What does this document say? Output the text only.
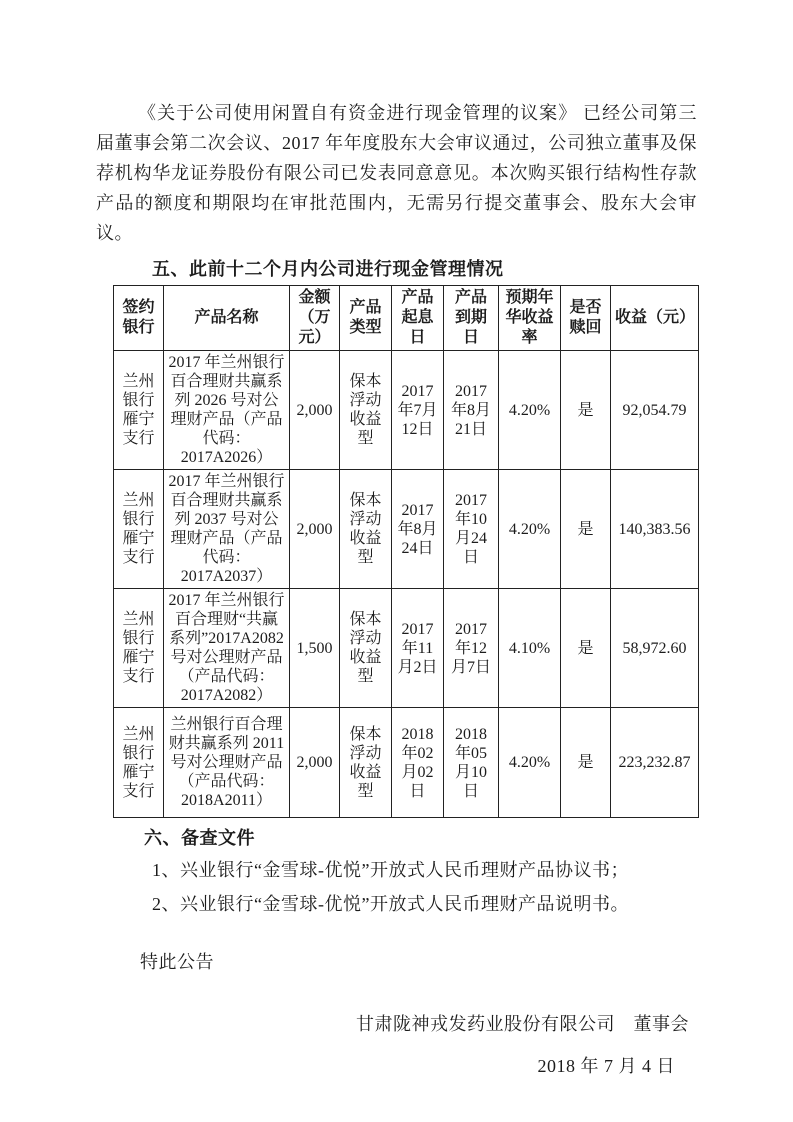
《关于公司使用闲置自有资金进行现金管理的议案》 已经公司第三届董事会第二次会议、2017 年年度股东大会审议通过，公司独立董事及保荐机构华龙证券股份有限公司已发表同意意见。本次购买银行结构性存款产品的额度和期限均在审批范围内，无需另行提交董事会、股东大会审议。

五、此前十二个月内公司进行现金管理情况
签约银行	产品名称	金额（万元）	产品类型	产品起息日	产品到期日	预期年华收益率	是否赎回	收益（元）
兰州银行雁宁支行	2017 年兰州银行百合理财共赢系列 2026 号对公理财产品（产品代码：2017A2026）	2,000	保本浮动收益型	2017年7月12日	2017年8月21日	4.20%	是	92,054.79
兰州银行雁宁支行	2017 年兰州银行百合理财共赢系列 2037 号对公理财产品（产品代码：2017A2037）	2,000	保本浮动收益型	2017年8月24日	2017年10月24日	4.20%	是	140,383.56
兰州银行雁宁支行	2017 年兰州银行百合理财“共赢系列”2017A2082 号对公理财产品（产品代码：2017A2082）	1,500	保本浮动收益型	2017年11月2日	2017年12月7日	4.10%	是	58,972.60
兰州银行雁宁支行	兰州银行百合理财共赢系列 2011 号对公理财产品（产品代码：2018A2011）	2,000	保本浮动收益型	2018年02月02日	2018年05月10日	4.20%	是	223,232.87
六、备查文件

1、兴业银行“金雪球-优悦”开放式人民币理财产品协议书；

2、兴业银行“金雪球-优悦”开放式人民币理财产品说明书。

特此公告

甘肃陇神戎发药业股份有限公司　董事会

2018 年 7 月 4 日
